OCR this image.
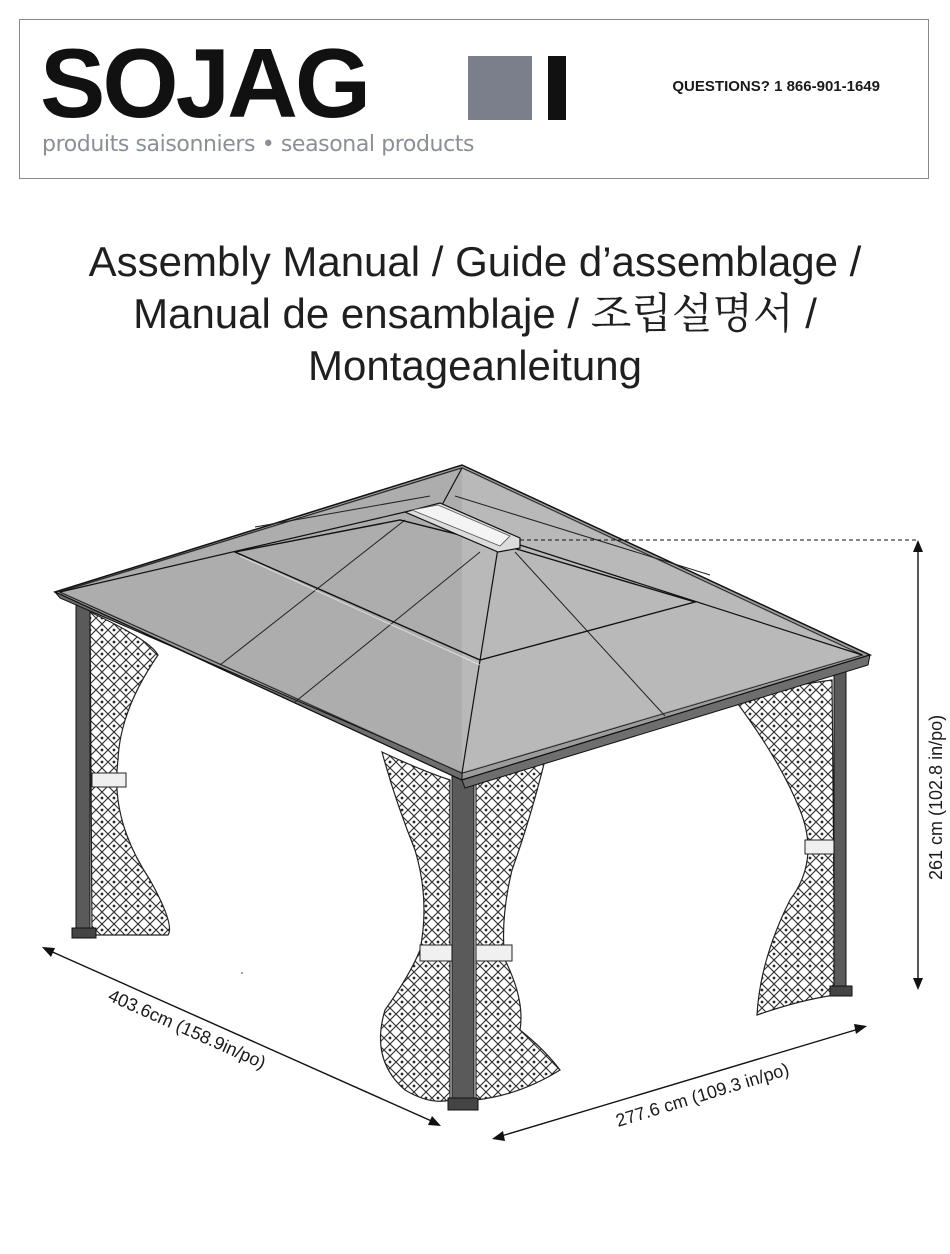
SOJAG
produits saisonniers • seasonal products
QUESTIONS? 1 866-901-1649
Assembly Manual / Guide d’assemblage /
Manual de ensamblaje / 조립설명서 /
Montageanleitung
261 cm (102.8 in/po)
403.6cm (158.9in/po)
277.6 cm (109.3 in/po)
